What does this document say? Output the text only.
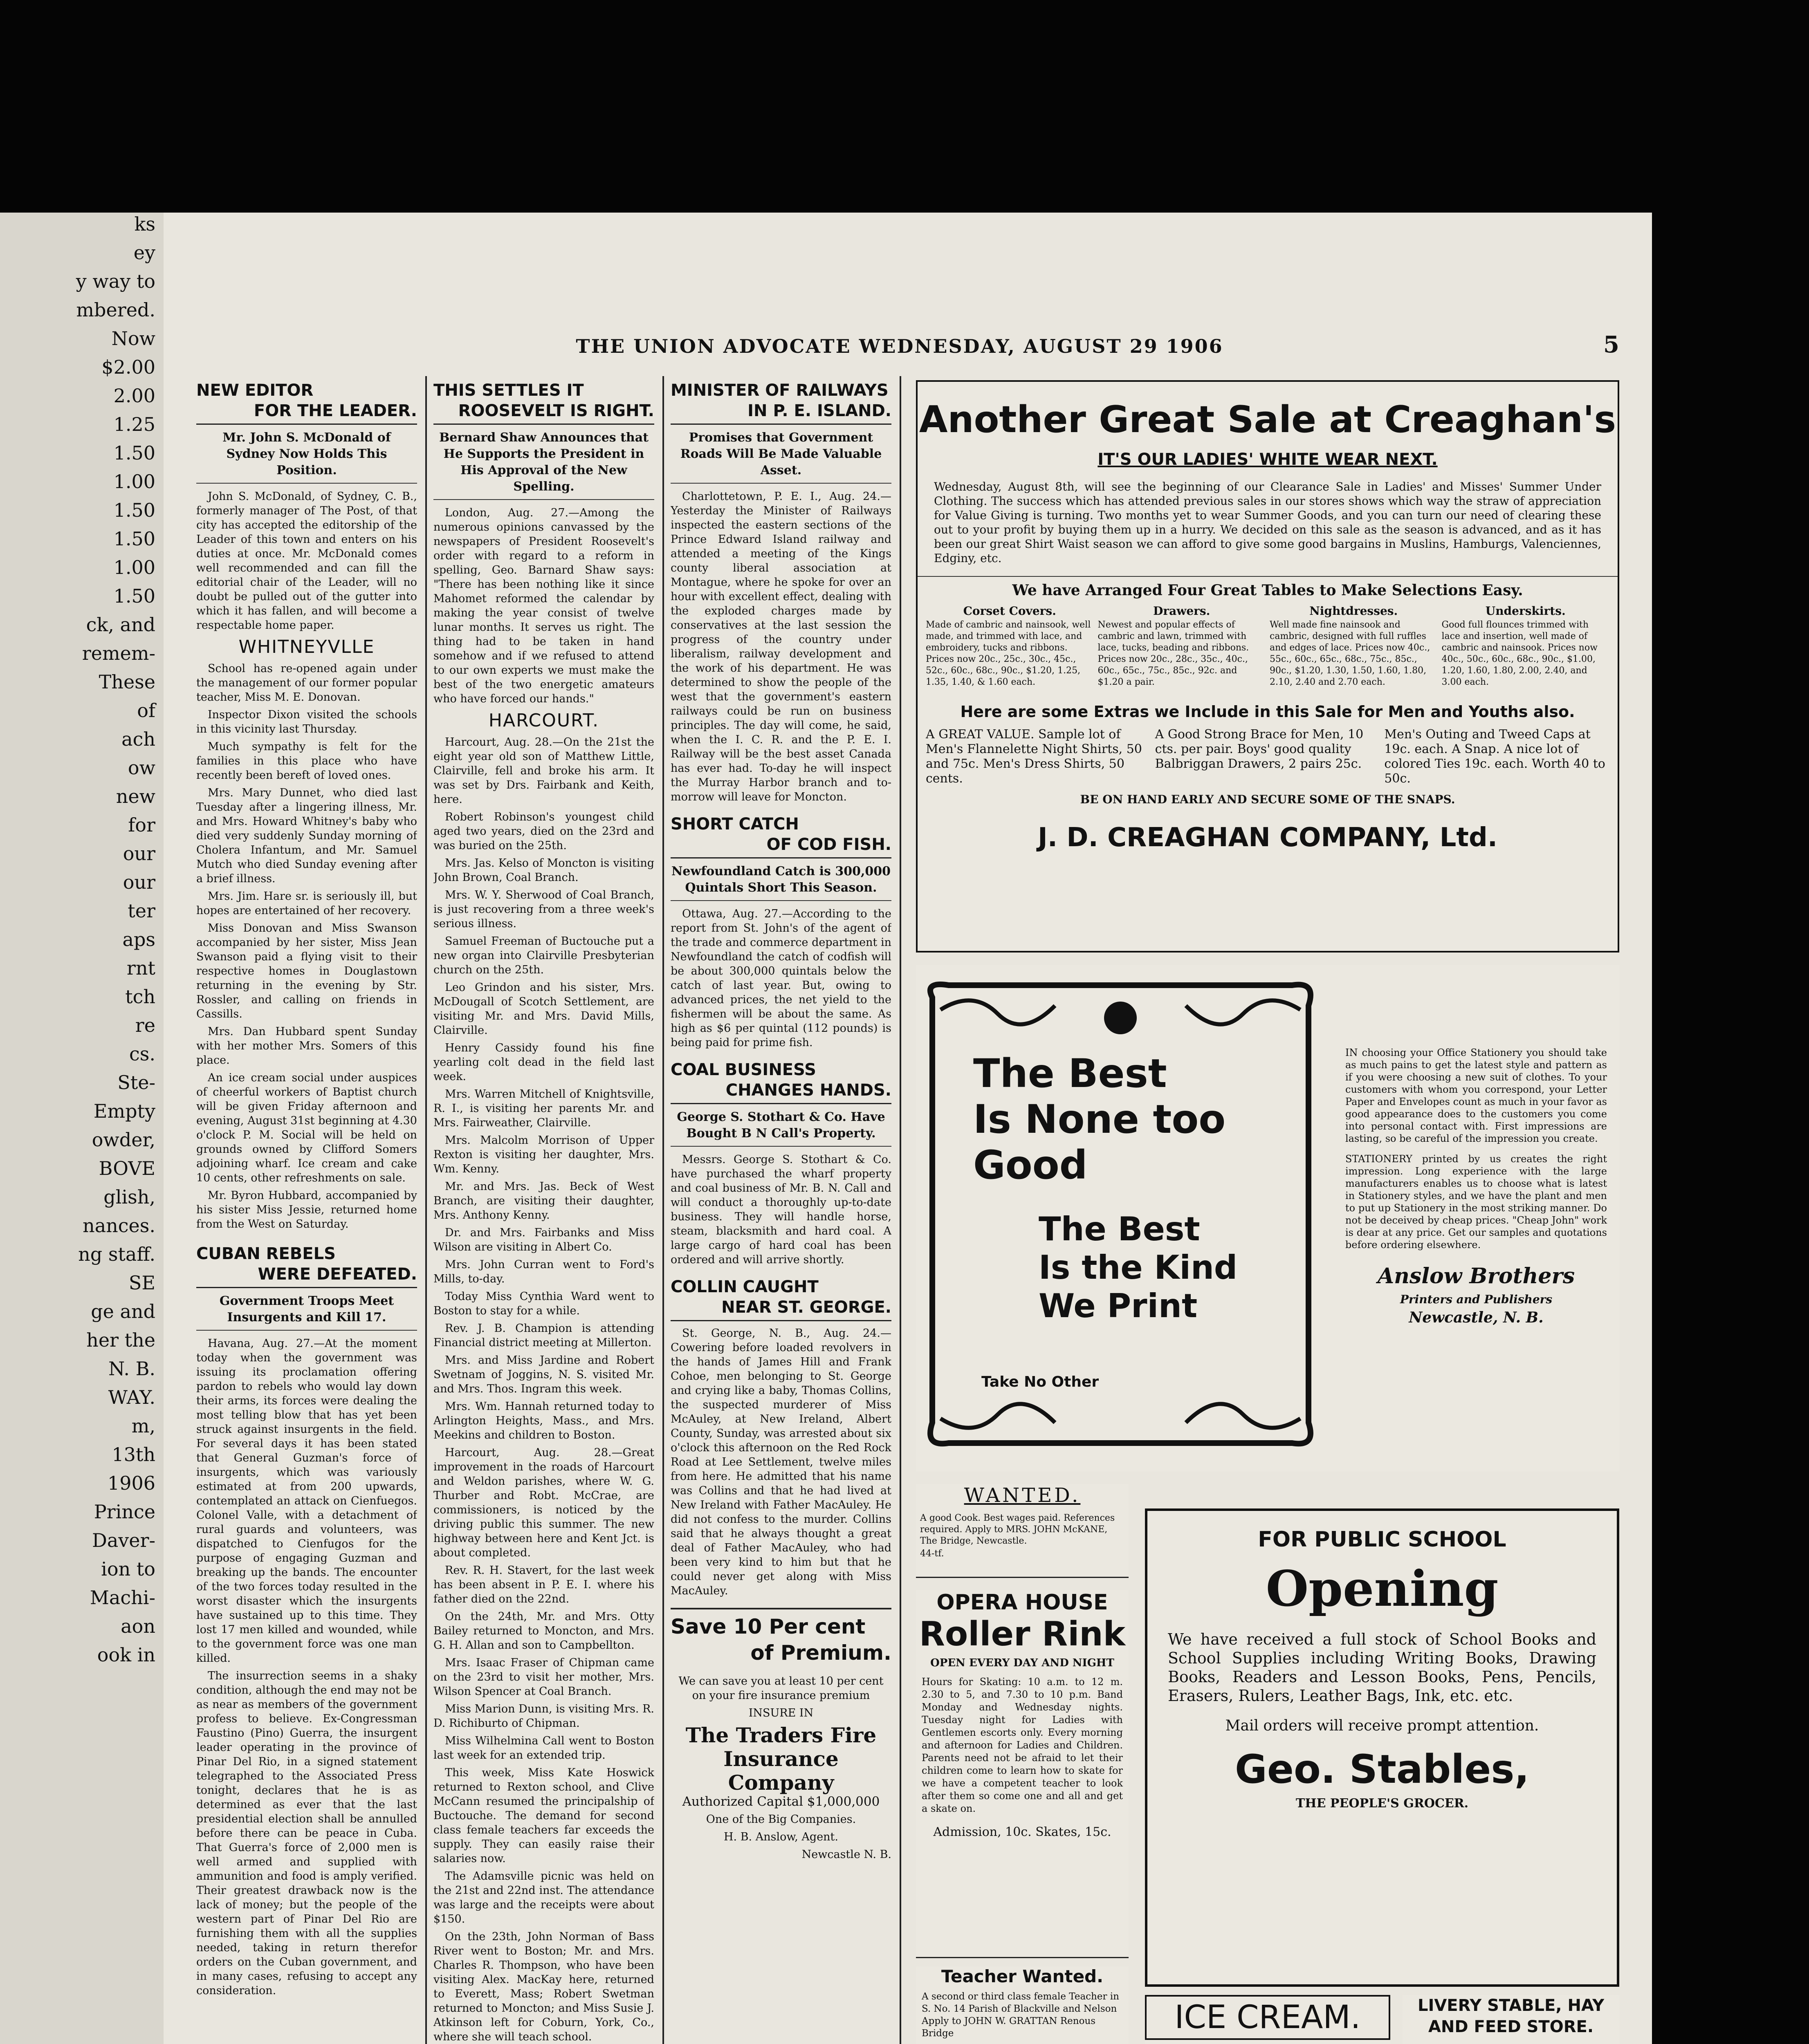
ks

ey

y way to

mbered.

Now

$2.00

2.00

1.25

1.50

1.00

1.50

1.50

1.00

1.50

ck, and

remem-

These

of

ach

ow

new

for

our

our

ter

aps

rnt

tch

re

cs.

Ste-

Empty

owder,

BOVE

glish,

nances.

ng staff.

SE

ge and

her the

N. B.

WAY.

m,

13th

1906

Prince

Daver-

ion to

Machi-

aon

ook in

THE UNION ADVOCATE WEDNESDAY, AUGUST 29 1906	5
NEW EDITOR
FOR THE LEADER.
Mr. John S. McDonald of Sydney Now Holds This Position.

John S. McDonald, of Sydney, C. B., formerly manager of The Post, of that city has accepted the editorship of the Leader of this town and enters on his duties at once. Mr. McDonald comes well recommended and can fill the editorial chair of the Leader, will no doubt be pulled out of the gutter into which it has fallen, and will become a respectable home paper.

WHITNEYVLLE

School has re-opened again under the management of our former popular teacher, Miss M. E. Donovan.

Inspector Dixon visited the schools in this vicinity last Thursday.

Much sympathy is felt for the families in this place who have recently been bereft of loved ones.

Mrs. Mary Dunnet, who died last Tuesday after a lingering illness, Mr. and Mrs. Howard Whitney's baby who died very suddenly Sunday morning of Cholera Infantum, and Mr. Samuel Mutch who died Sunday evening after a brief illness.

Mrs. Jim. Hare sr. is seriously ill, but hopes are entertained of her recovery.

Miss Donovan and Miss Swanson accompanied by her sister, Miss Jean Swanson paid a flying visit to their respective homes in Douglastown returning in the evening by Str. Rossler, and calling on friends in Cassills.

Mrs. Dan Hubbard spent Sunday with her mother Mrs. Somers of this place.

An ice cream social under auspices of cheerful workers of Baptist church will be given Friday afternoon and evening, August 31st beginning at 4.30 o'clock P. M. Social will be held on grounds owned by Clifford Somers adjoining wharf. Ice cream and cake 10 cents, other refreshments on sale.

Mr. Byron Hubbard, accompanied by his sister Miss Jessie, returned home from the West on Saturday.

CUBAN REBELS
WERE DEFEATED.
Government Troops Meet Insurgents and Kill 17.

Havana, Aug. 27.—At the moment today when the government was issuing its proclamation offering pardon to rebels who would lay down their arms, its forces were dealing the most telling blow that has yet been struck against insurgents in the field. For several days it has been stated that General Guzman's force of insurgents, which was variously estimated at from 200 upwards, contemplated an attack on Cienfuegos. Colonel Valle, with a detachment of rural guards and volunteers, was dispatched to Cienfugos for the purpose of engaging Guzman and breaking up the bands. The encounter of the two forces today resulted in the worst disaster which the insurgents have sustained up to this time. They lost 17 men killed and wounded, while to the government force was one man killed.

The insurrection seems in a shaky condition, although the end may not be as near as members of the government profess to believe. Ex-Congressman Faustino (Pino) Guerra, the insurgent leader operating in the province of Pinar Del Rio, in a signed statement telegraphed to the Associated Press tonight, declares that he is as determined as ever that the last presidential election shall be annulled before there can be peace in Cuba. That Guerra's force of 2,000 men is well armed and supplied with ammunition and food is amply verified. Their greatest drawback now is the lack of money; but the people of the western part of Pinar Del Rio are furnishing them with all the supplies needed, taking in return therefor orders on the Cuban government, and in many cases, refusing to accept any consideration.

THIS SETTLES IT
ROOSEVELT IS RIGHT.
Bernard Shaw Announces that He Supports the President in His Approval of the New Spelling.

London, Aug. 27.—Among the numerous opinions canvassed by the newspapers of President Roosevelt's order with regard to a reform in spelling, Geo. Barnard Shaw says: "There has been nothing like it since Mahomet reformed the calendar by making the year consist of twelve lunar months. It serves us right. The thing had to be taken in hand somehow and if we refused to attend to our own experts we must make the best of the two energetic amateurs who have forced our hands."

HARCOURT.

Harcourt, Aug. 28.—On the 21st the eight year old son of Matthew Little, Clairville, fell and broke his arm. It was set by Drs. Fairbank and Keith, here.

Robert Robinson's youngest child aged two years, died on the 23rd and was buried on the 25th.

Mrs. Jas. Kelso of Moncton is visiting John Brown, Coal Branch.

Mrs. W. Y. Sherwood of Coal Branch, is just recovering from a three week's serious illness.

Samuel Freeman of Buctouche put a new organ into Clairville Presbyterian church on the 25th.

Leo Grindon and his sister, Mrs. McDougall of Scotch Settlement, are visiting Mr. and Mrs. David Mills, Clairville.

Henry Cassidy found his fine yearling colt dead in the field last week.

Mrs. Warren Mitchell of Knightsville, R. I., is visiting her parents Mr. and Mrs. Fairweather, Clairville.

Mrs. Malcolm Morrison of Upper Rexton is visiting her daughter, Mrs. Wm. Kenny.

Mr. and Mrs. Jas. Beck of West Branch, are visiting their daughter, Mrs. Anthony Kenny.

Dr. and Mrs. Fairbanks and Miss Wilson are visiting in Albert Co.

Mrs. John Curran went to Ford's Mills, to-day.

Today Miss Cynthia Ward went to Boston to stay for a while.

Rev. J. B. Champion is attending Financial district meeting at Millerton.

Mrs. and Miss Jardine and Robert Swetnam of Joggins, N. S. visited Mr. and Mrs. Thos. Ingram this week.

Mrs. Wm. Hannah returned today to Arlington Heights, Mass., and Mrs. Meekins and children to Boston.

Harcourt, Aug. 28.—Great improvement in the roads of Harcourt and Weldon parishes, where W. G. Thurber and Robt. McCrae, are commissioners, is noticed by the driving public this summer. The new highway between here and Kent Jct. is about completed.

Rev. R. H. Stavert, for the last week has been absent in P. E. I. where his father died on the 22nd.

On the 24th, Mr. and Mrs. Otty Bailey returned to Moncton, and Mrs. G. H. Allan and son to Campbellton.

Mrs. Isaac Fraser of Chipman came on the 23rd to visit her mother, Mrs. Wilson Spencer at Coal Branch.

Miss Marion Dunn, is visiting Mrs. R. D. Richiburto of Chipman.

Miss Wilhelmina Call went to Boston last week for an extended trip.

This week, Miss Kate Hoswick returned to Rexton school, and Clive McCann resumed the principalship of Buctouche. The demand for second class female teachers far exceeds the supply. They can easily raise their salaries now.

The Adamsville picnic was held on the 21st and 22nd inst. The attendance was large and the receipts were about $150.

On the 23th, John Norman of Bass River went to Boston; Mr. and Mrs. Charles R. Thompson, who have been visiting Alex. MacKay here, returned to Everett, Mass; Robert Swetman returned to Moncton; and Miss Susie J. Atkinson left for Coburn, York, Co., where she will teach school.

MINISTER OF RAILWAYS
IN P. E. ISLAND.
Promises that Government Roads Will Be Made Valuable Asset.

Charlottetown, P. E. I., Aug. 24.—Yesterday the Minister of Railways inspected the eastern sections of the Prince Edward Island railway and attended a meeting of the Kings county liberal association at Montague, where he spoke for over an hour with excellent effect, dealing with the exploded charges made by conservatives at the last session the progress of the country under liberalism, railway development and the work of his department. He was determined to show the people of the west that the government's eastern railways could be run on business principles. The day will come, he said, when the I. C. R. and the P. E. I. Railway will be the best asset Canada has ever had. To-day he will inspect the Murray Harbor branch and to-morrow will leave for Moncton.

SHORT CATCH
OF COD FISH.
Newfoundland Catch is 300,000 Quintals Short This Season.

Ottawa, Aug. 27.—According to the report from St. John's of the agent of the trade and commerce department in Newfoundland the catch of codfish will be about 300,000 quintals below the catch of last year. But, owing to advanced prices, the net yield to the fishermen will be about the same. As high as $6 per quintal (112 pounds) is being paid for prime fish.

COAL BUSINESS
CHANGES HANDS.
George S. Stothart & Co. Have Bought B N Call's Property.

Messrs. George S. Stothart & Co. have purchased the wharf property and coal business of Mr. B. N. Call and will conduct a thoroughly up-to-date business. They will handle horse, steam, blacksmith and hard coal. A large cargo of hard coal has been ordered and will arrive shortly.

COLLIN CAUGHT
NEAR ST. GEORGE.

St. George, N. B., Aug. 24.—Cowering before loaded revolvers in the hands of James Hill and Frank Cohoe, men belonging to St. George and crying like a baby, Thomas Collins, the suspected murderer of Miss McAuley, at New Ireland, Albert County, Sunday, was arrested about six o'clock this afternoon on the Red Rock Road at Lee Settlement, twelve miles from here. He admitted that his name was Collins and that he had lived at New Ireland with Father MacAuley. He did not confess to the murder. Collins said that he always thought a great deal of Father MacAuley, who had been very kind to him but that he could never get along with Miss MacAuley.

Save 10 Per cent
of Premium.

We can save you at least 10 per cent on your fire insurance premium

INSURE IN

The Traders Fire Insurance Company

Authorized Capital $1,000,000

One of the Big Companies.

H. B. Anslow, Agent.

Newcastle N. B.

Another Great Sale at Creaghan's
IT'S OUR LADIES' WHITE WEAR NEXT.

Wednesday, August 8th, will see the beginning of our Clearance Sale in Ladies' and Misses' Summer Under Clothing. The success which has attended previous sales in our stores shows which way the straw of appreciation for Value Giving is turning. Two months yet to wear Summer Goods, and you can turn our need of clearing these out to your profit by buying them up in a hurry. We decided on this sale as the season is advanced, and as it has been our great Shirt Waist season we can afford to give some good bargains in Muslins, Hamburgs, Valenciennes, Edginy, etc.

We have Arranged Four Great Tables to Make Selections Easy.
Corset Covers.
Made of cambric and nainsook, well made, and trimmed with lace, and embroidery, tucks and ribbons. Prices now 20c., 25c., 30c., 45c., 52c., 60c., 68c., 90c., $1.20, 1.25, 1.35, 1.40, & 1.60 each.
Drawers.
Newest and popular effects of cambric and lawn, trimmed with lace, tucks, beading and ribbons. Prices now 20c., 28c., 35c., 40c., 60c., 65c., 75c., 85c., 92c. and $1.20 a pair.
Nightdresses.
Well made fine nainsook and cambric, designed with full ruffles and edges of lace. Prices now 40c., 55c., 60c., 65c., 68c., 75c., 85c., 90c., $1.20, 1.30, 1.50, 1.60, 1.80, 2.10, 2.40 and 2.70 each.
Underskirts.
Good full flounces trimmed with lace and insertion, well made of cambric and nainsook. Prices now 40c., 50c., 60c., 68c., 90c., $1.00, 1.20, 1.60, 1.80, 2.00, 2.40, and 3.00 each.
Here are some Extras we Include in this Sale for Men and Youths also.
A GREAT VALUE. Sample lot of Men's Flannelette Night Shirts, 50 and 75c. Men's Dress Shirts, 50 cents.
A Good Strong Brace for Men, 10 cts. per pair. Boys' good quality Balbriggan Drawers, 2 pairs 25c.
Men's Outing and Tweed Caps at 19c. each. A Snap. A nice lot of colored Ties 19c. each. Worth 40 to 50c.
BE ON HAND EARLY AND SECURE SOME OF THE SNAPS.
J. D. CREAGHAN COMPANY, Ltd.
The Best
Is None too
Good
The Best
Is the Kind
We Print
Take No Other

IN choosing your Office Stationery you should take as much pains to get the latest style and pattern as if you were choosing a new suit of clothes. To your customers with whom you correspond, your Letter Paper and Envelopes count as much in your favor as good appearance does to the customers you come into personal contact with. First impressions are lasting, so be careful of the impression you create.

STATIONERY printed by us creates the right impression. Long experience with the large manufacturers enables us to choose what is latest in Stationery styles, and we have the plant and men to put up Stationery in the most striking manner. Do not be deceived by cheap prices. "Cheap John" work is dear at any price. Get our samples and quotations before ordering elsewhere.

Anslow Brothers
Printers and Publishers
Newcastle, N. B.
WANTED.

A good Cook. Best wages paid. References required. Apply to MRS. JOHN McKANE, The Bridge, Newcastle.

44-tf.
OPERA HOUSE
Roller Rink
OPEN EVERY DAY AND NIGHT

Hours for Skating: 10 a.m. to 12 m. 2.30 to 5, and 7.30 to 10 p.m. Band Monday and Wednesday nights. Tuesday night for Ladies with Gentlemen escorts only. Every morning and afternoon for Ladies and Children. Parents need not be afraid to let their children come to learn how to skate for we have a competent teacher to look after them so come one and all and get a skate on.

Admission, 10c. Skates, 15c.
Teacher Wanted.

A second or third class female Teacher in S. No. 14 Parish of Blackville and Nelson Apply to JOHN W. GRATTAN Renous Bridge

FOR PUBLIC SCHOOL
Opening

We have received a full stock of School Books and School Supplies including Writing Books, Drawing Books, Readers and Lesson Books, Pens, Pencils, Erasers, Rulers, Leather Bags, Ink, etc. etc.

Mail orders will receive prompt attention.
Geo. Stables,
THE PEOPLE'S GROCER.
ICE CREAM.	LIVERY STABLE, HAY AND FEED STORE.
